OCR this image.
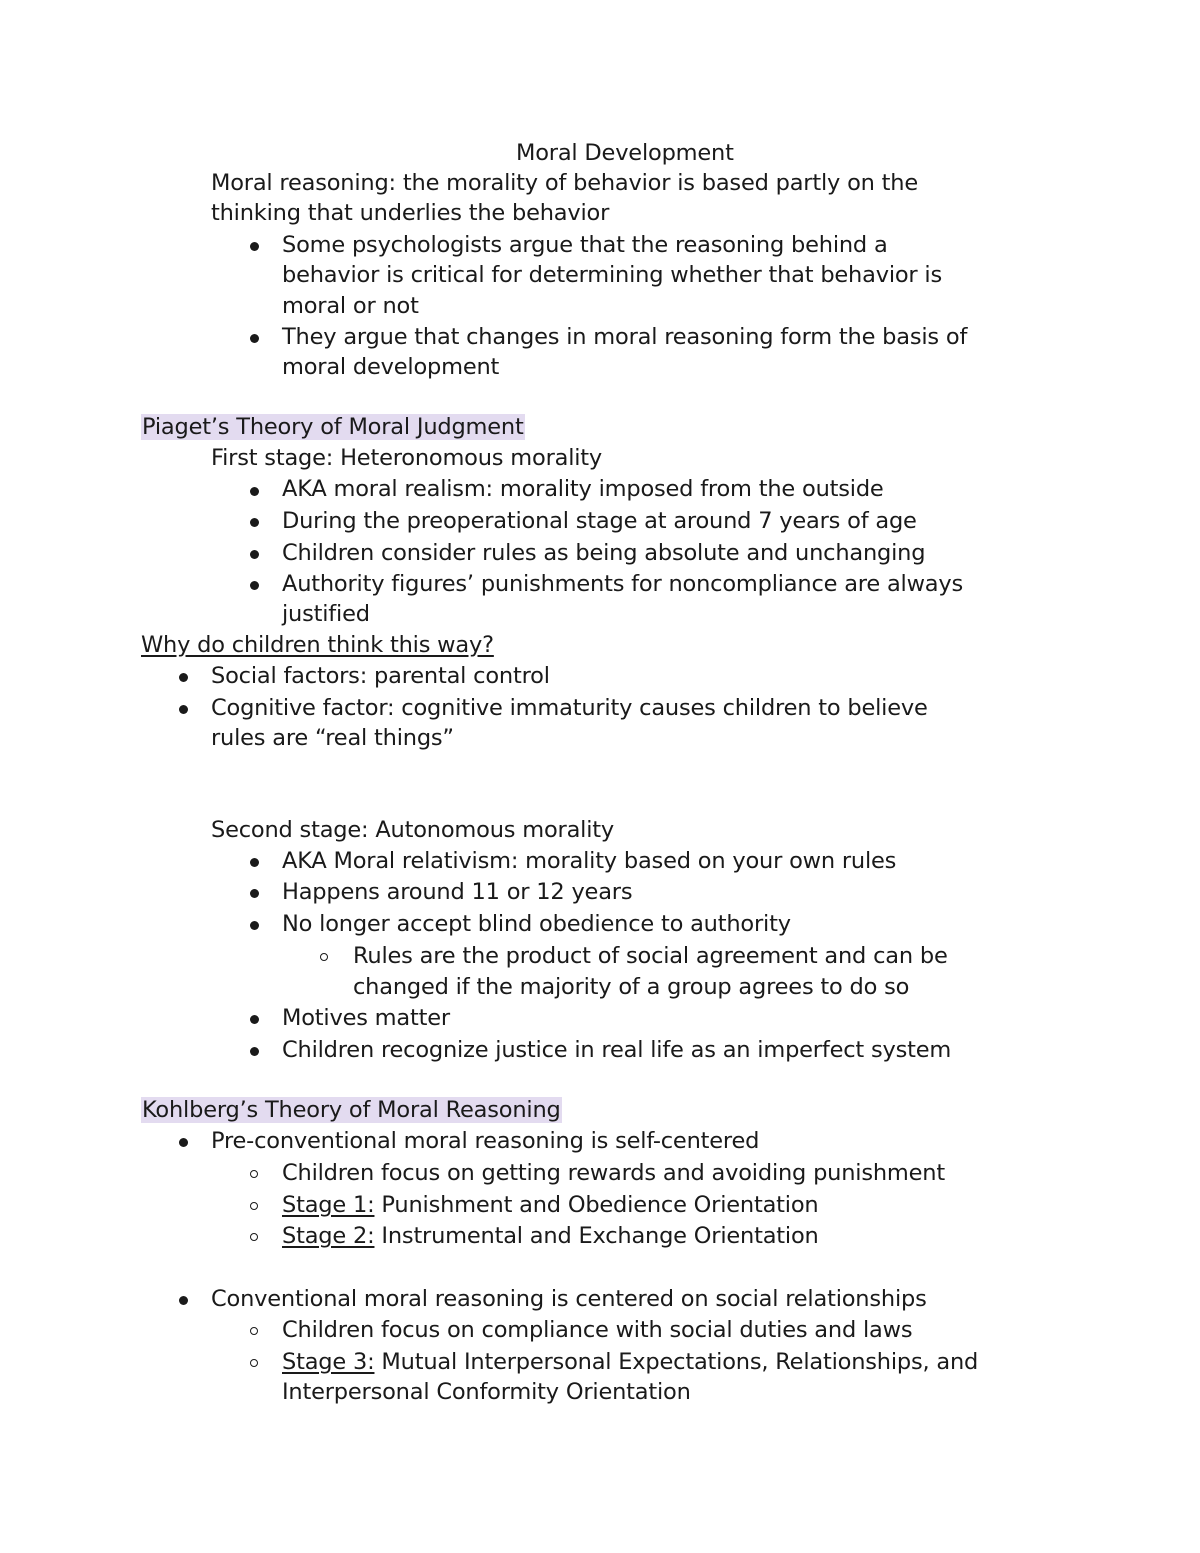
Moral Development
Moral reasoning: the morality of behavior is based partly on the
thinking that underlies the behavior
Some psychologists argue that the reasoning behind a
behavior is critical for determining whether that behavior is
moral or not
They argue that changes in moral reasoning form the basis of
moral development
Piaget’s Theory of Moral Judgment
First stage: Heteronomous morality
AKA moral realism: morality imposed from the outside
During the preoperational stage at around 7 years of age
Children consider rules as being absolute and unchanging
Authority figures’ punishments for noncompliance are always
justified
Why do children think this way?
Social factors: parental control
Cognitive factor: cognitive immaturity causes children to believe
rules are “real things”
Second stage: Autonomous morality
AKA Moral relativism: morality based on your own rules
Happens around 11 or 12 years
No longer accept blind obedience to authority
Rules are the product of social agreement and can be
changed if the majority of a group agrees to do so
Motives matter
Children recognize justice in real life as an imperfect system
Kohlberg’s Theory of Moral Reasoning
Pre-conventional moral reasoning is self-centered
Children focus on getting rewards and avoiding punishment
Stage 1: Punishment and Obedience Orientation
Stage 2: Instrumental and Exchange Orientation
Conventional moral reasoning is centered on social relationships
Children focus on compliance with social duties and laws
Stage 3: Mutual Interpersonal Expectations, Relationships, and
Interpersonal Conformity Orientation
